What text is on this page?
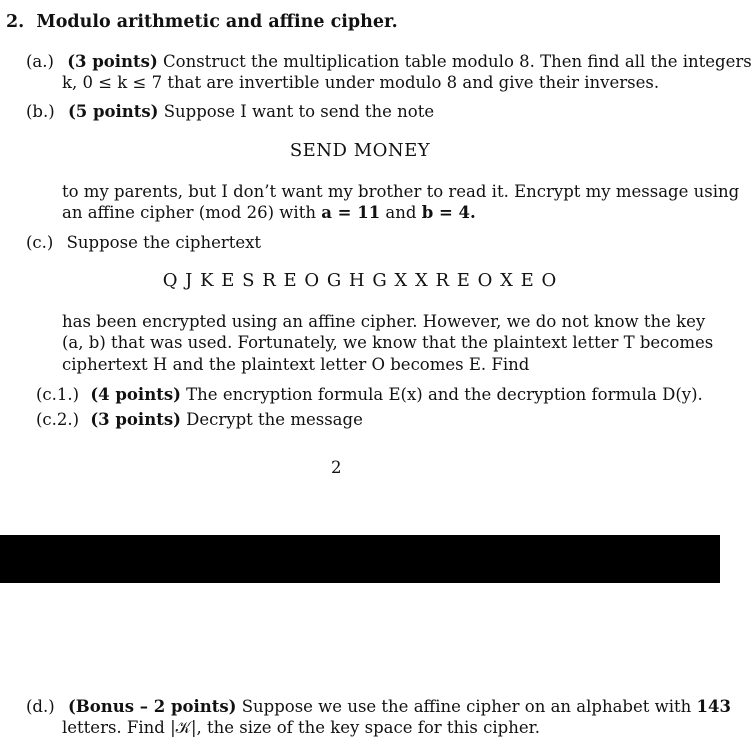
2. Modulo arithmetic and affine cipher.
(a.) (3 points) Construct the multiplication table modulo 8. Then find all the integers
k, 0 ≤ k ≤ 7 that are invertible under modulo 8 and give their inverses.
(b.) (5 points) Suppose I want to send the note
SEND MONEY
to my parents, but I don’t want my brother to read it. Encrypt my message using
an affine cipher (mod 26) with a = 11 and b = 4.
(c.) Suppose the ciphertext
Q J K E S R E O G H G X X R E O X E O
has been encrypted using an affine cipher. However, we do not know the key
(a, b) that was used. Fortunately, we know that the plaintext letter T becomes
ciphertext H and the plaintext letter O becomes E. Find
(c.1.) (4 points) The encryption formula E(x) and the decryption formula D(y).
(c.2.) (3 points) Decrypt the message
2
(d.) (Bonus – 2 points) Suppose we use the affine cipher on an alphabet with 143
letters. Find |𝒦|, the size of the key space for this cipher.
